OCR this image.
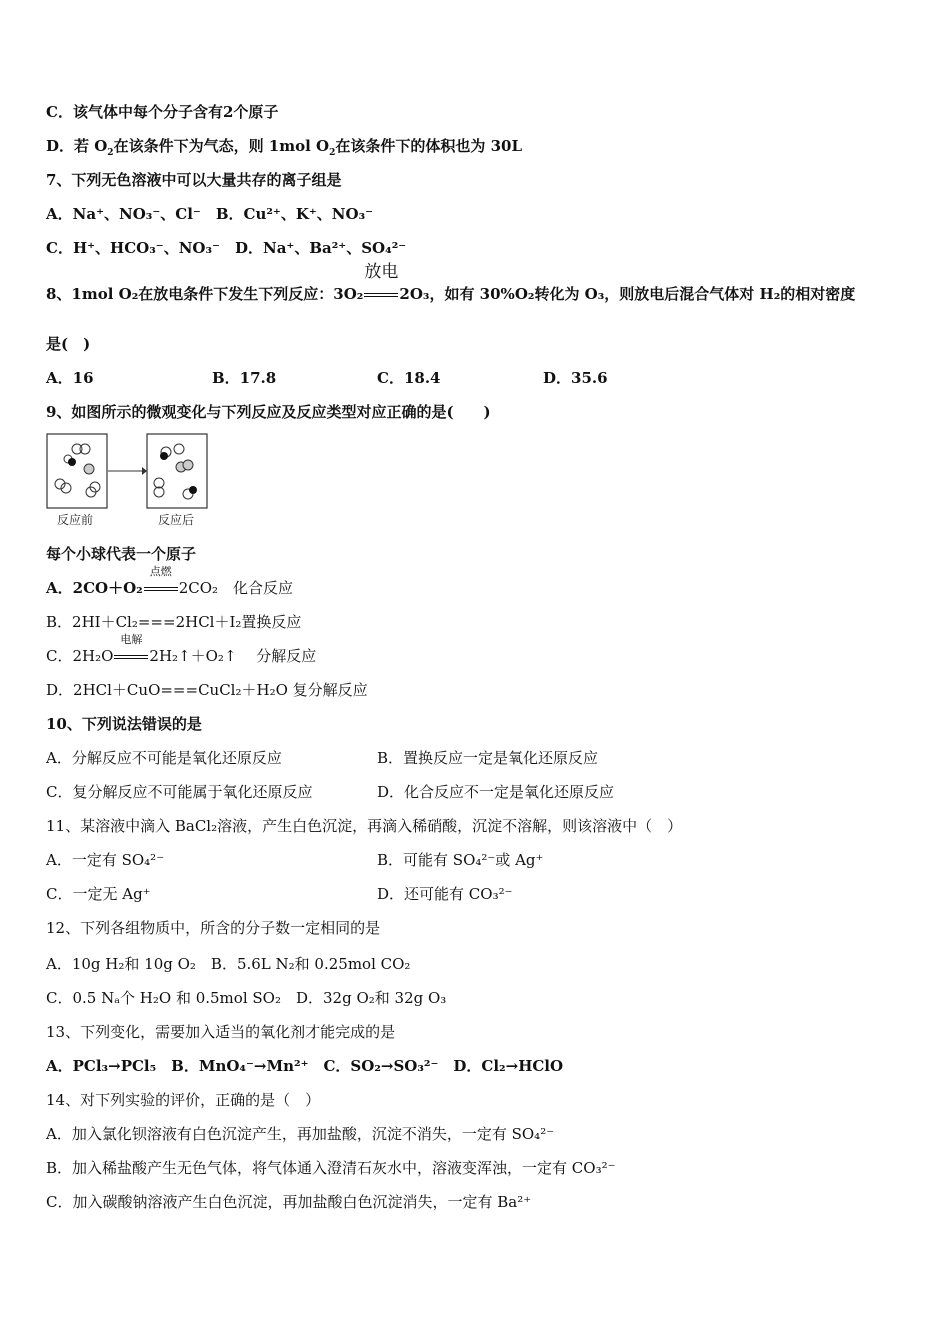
C．该气体中每个分子含有2个原子
D．若 $O_2$在该条件下为气态，则 1mol $O_2$在该条件下的体积也为 30L
7、下列无色溶液中可以大量共存的离子组是
A．Na⁺、NO₃⁻、Cl⁻　 B．Cu²⁺、K⁺、NO₃⁻
C．H⁺、HCO₃⁻、NO₃⁻　 D．Na⁺、Ba²⁺、SO₄²⁻
8、1mol O₂在放电条件下发生下列反应：3O₂
放电
2O₃，如有 30%O₂转化为 O₃，则放电后混合气体对 H₂的相对密度
是(　)
A．16	B．17.8	C．18.4	D．35.6
9、如图所示的微观变化与下列反应及反应类型对应正确的是(　　)
反应前	反应后
每个小球代表一个原子
A．2CO＋O₂
点燃
2CO₂　化合反应
B．2HI＋Cl₂===2HCl＋I₂置换反应
C．2H₂O
电解
2H₂↑＋O₂↑　 分解反应
D．2HCl＋CuO===CuCl₂＋H₂O 复分解反应
10、下列说法错误的是
A．分解反应不可能是氧化还原反应	B．置换反应一定是氧化还原反应
C．复分解反应不可能属于氧化还原反应	D．化合反应不一定是氧化还原反应
11、某溶液中滴入 BaCl₂溶液，产生白色沉淀，再滴入稀硝酸，沉淀不溶解，则该溶液中（　）
A．一定有 SO₄²⁻	B．可能有 SO₄²⁻或 Ag⁺
C．一定无 Ag⁺	D．还可能有 CO₃²⁻
12、下列各组物质中，所含的分子数一定相同的是
A．10g H₂和 10g O₂　B．5.6L N₂和 0.25mol CO₂
C．0.5 Nₐ个 H₂O 和 0.5mol SO₂　D．32g O₂和 32g O₃
13、下列变化，需要加入适当的氧化剂才能完成的是
A．PCl₃→PCl₅　B．MnO₄⁻→Mn²⁺　C．SO₂→SO₃²⁻　D．Cl₂→HClO
14、对下列实验的评价，正确的是（　）
A．加入氯化钡溶液有白色沉淀产生，再加盐酸，沉淀不消失，一定有 SO₄²⁻
B．加入稀盐酸产生无色气体，将气体通入澄清石灰水中，溶液变浑浊，一定有 CO₃²⁻
C．加入碳酸钠溶液产生白色沉淀，再加盐酸白色沉淀消失，一定有 Ba²⁺
